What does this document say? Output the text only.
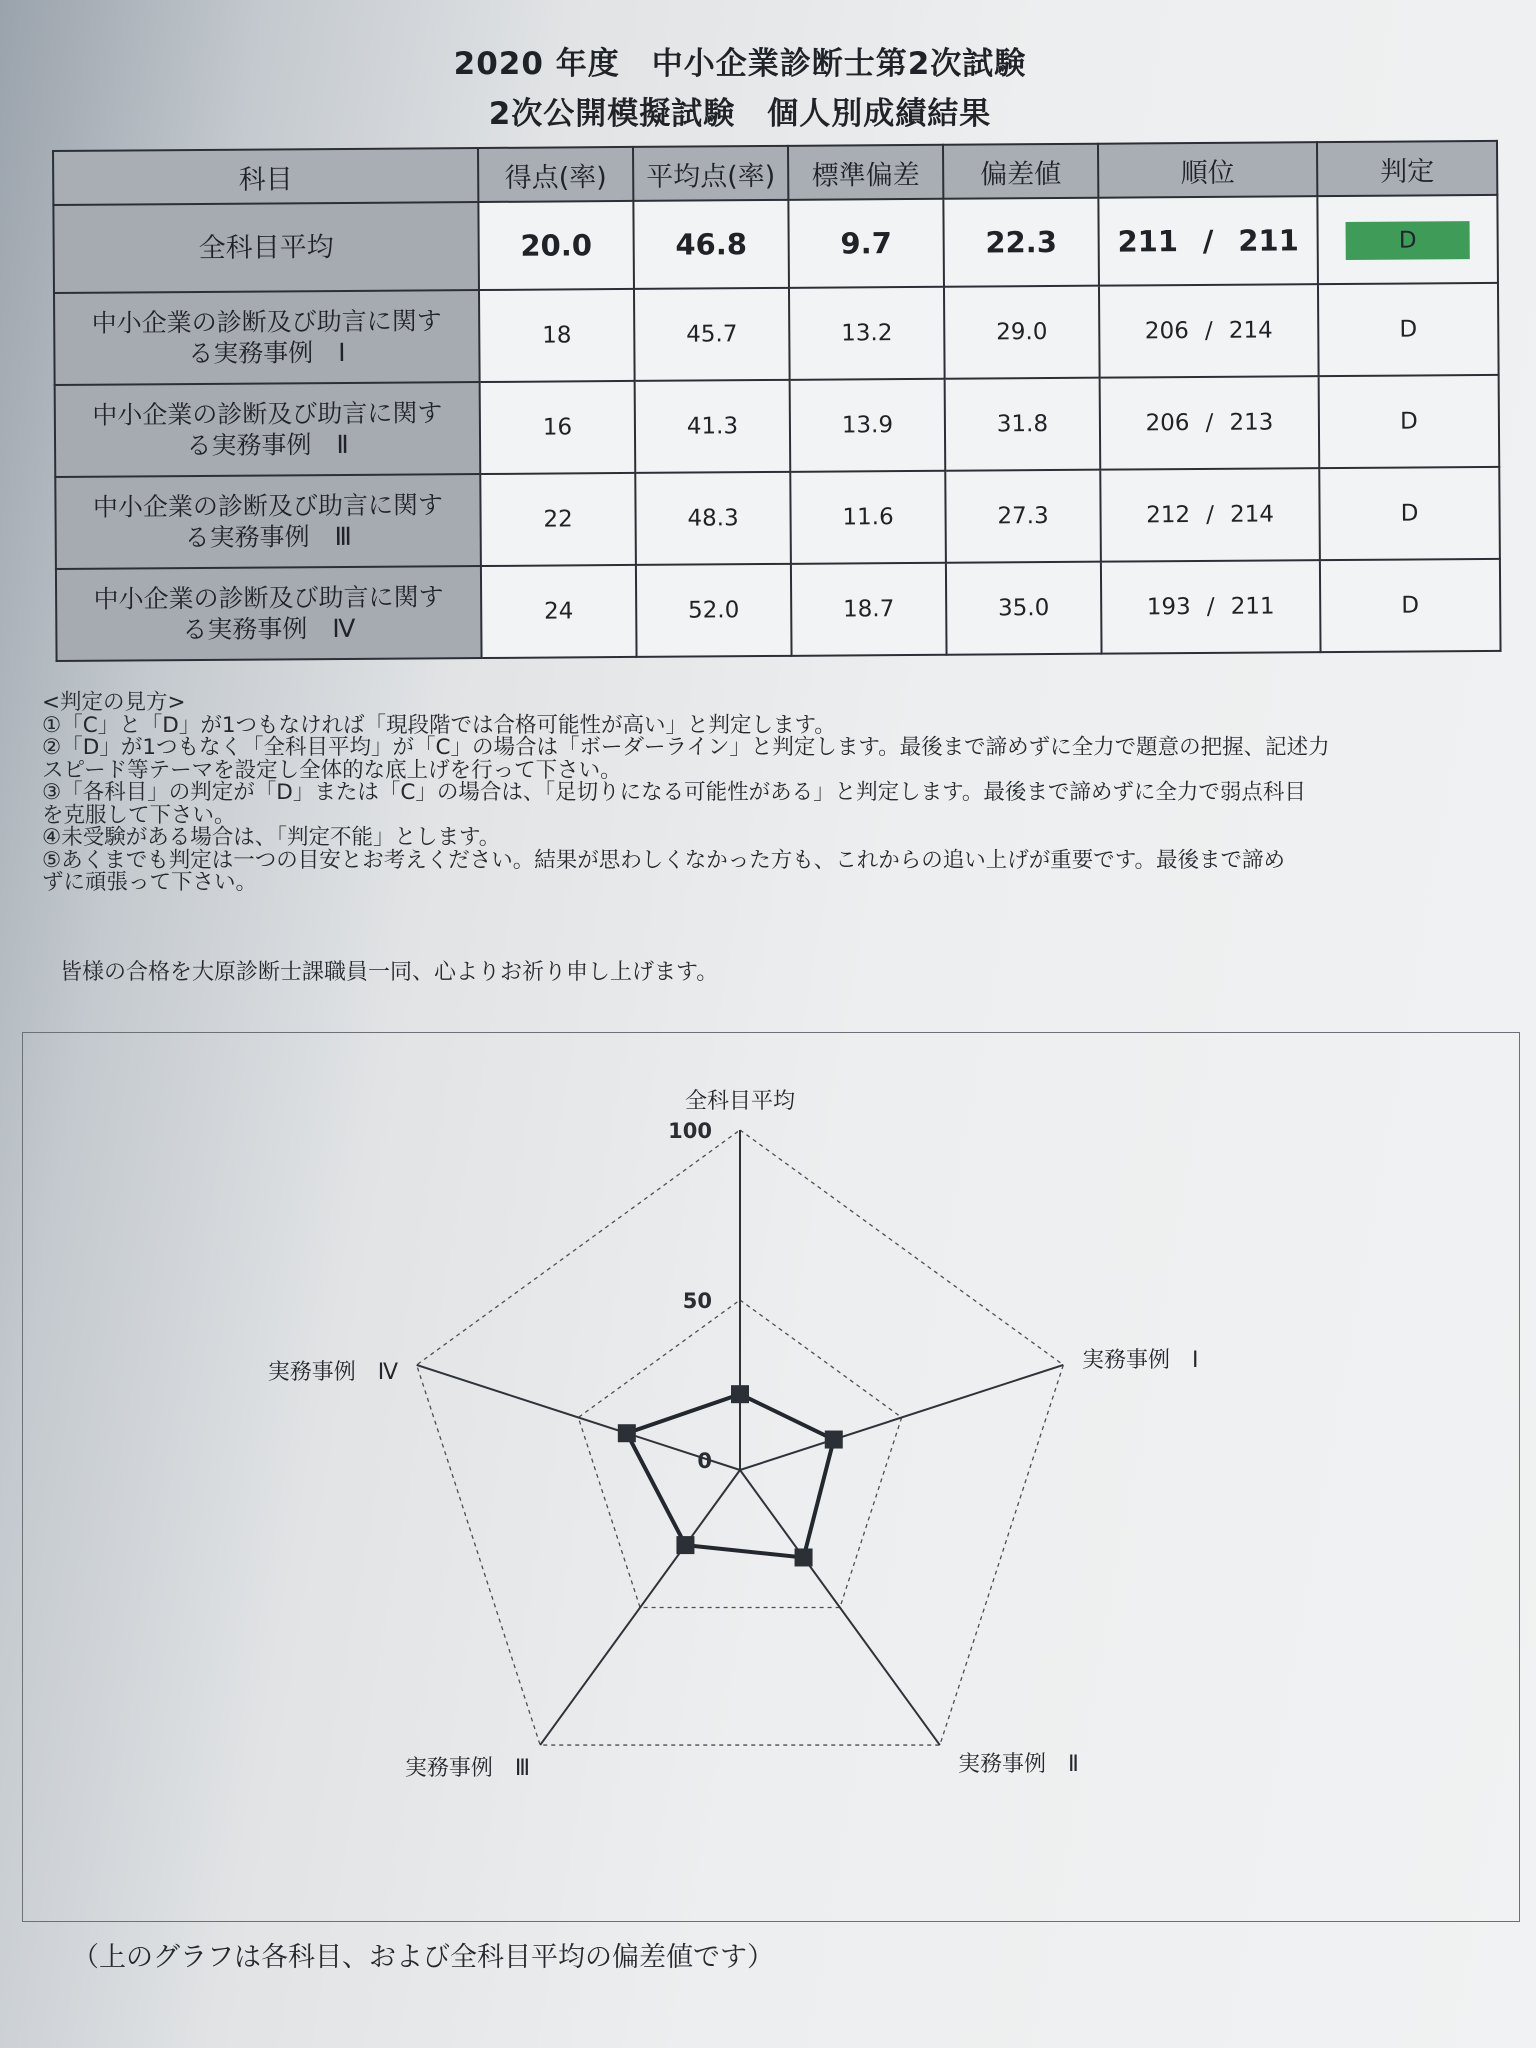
2020 年度　中小企業診断士第2次試験
2次公開模擬試験　個人別成績結果
科目	得点(率)	平均点(率)	標準偏差	偏差値	順位	判定
全科目平均	20.0	46.8	9.7	22.3	211 / 211	D
中小企業の診断及び助言に関す
る実務事例　Ⅰ	18	45.7	13.2	29.0	206 / 214	D
中小企業の診断及び助言に関す
る実務事例　Ⅱ	16	41.3	13.9	31.8	206 / 213	D
中小企業の診断及び助言に関す
る実務事例　Ⅲ	22	48.3	11.6	27.3	212 / 214	D
中小企業の診断及び助言に関す
る実務事例　Ⅳ	24	52.0	18.7	35.0	193 / 211	D

<判定の見方>

①「C」と「D」が1つもなければ「現段階では合格可能性が高い」と判定します。

②「D」が1つもなく「全科目平均」が「C」の場合は「ボーダーライン」と判定します。最後まで諦めずに全力で題意の把握、記述力

スピード等テーマを設定し全体的な底上げを行って下さい。

③「各科目」の判定が「D」または「C」の場合は、「足切りになる可能性がある」と判定します。最後まで諦めずに全力で弱点科目

を克服して下さい。

④未受験がある場合は、「判定不能」とします。

⑤あくまでも判定は一つの目安とお考えください。結果が思わしくなかった方も、これからの追い上げが重要です。最後まで諦め

ずに頑張って下さい。

皆様の合格を大原診断士課職員一同、心よりお祈り申し上げます。
0
50
100
全科目平均
実務事例　Ⅰ
実務事例　Ⅱ
実務事例　Ⅲ
実務事例　Ⅳ
（上のグラフは各科目、および全科目平均の偏差値です）
